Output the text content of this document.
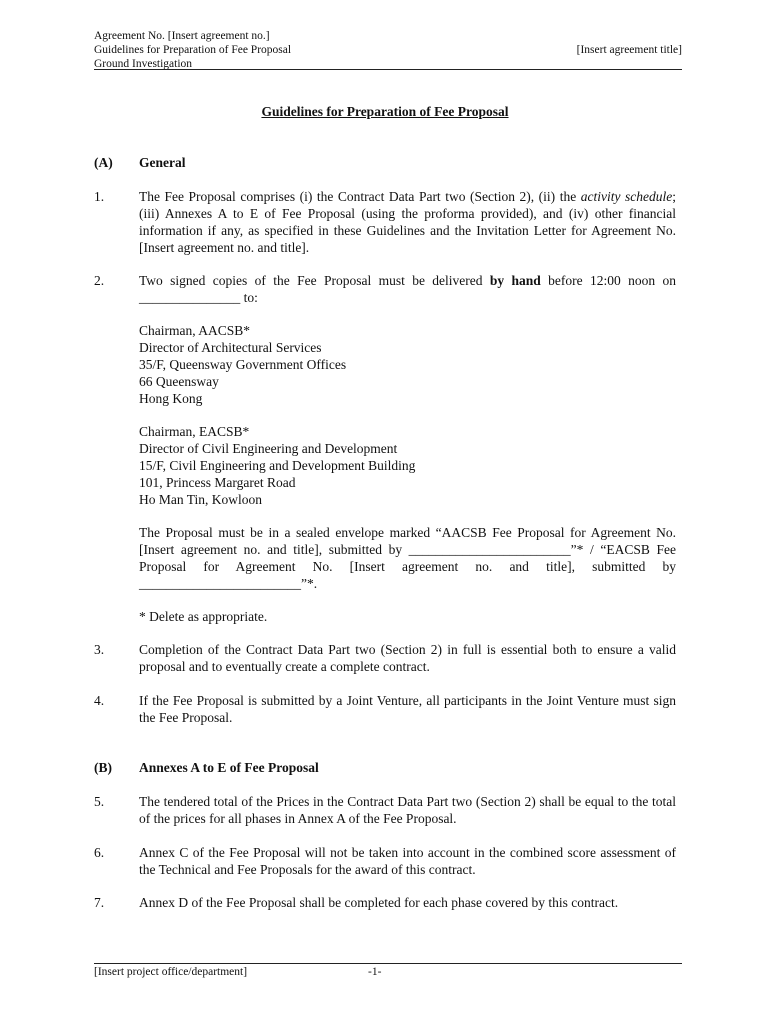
Agreement No. [Insert agreement no.]
Guidelines for Preparation of Fee Proposal
Ground Investigation
[Insert agreement title]
Guidelines for Preparation of Fee Proposal
(A) General
1.	The Fee Proposal comprises (i) the Contract Data Part two (Section 2), (ii) the activity schedule; (iii) Annexes A to E of Fee Proposal (using the proforma provided), and (iv) other financial information if any, as specified in these Guidelines and the Invitation Letter for Agreement No. [Insert agreement no. and title].
2.	Two signed copies of the Fee Proposal must be delivered by hand before 12:00 noon on _______________ to:
Chairman, AACSB*
Director of Architectural Services
35/F, Queensway Government Offices
66 Queensway
Hong Kong
Chairman, EACSB*
Director of Civil Engineering and Development
15/F, Civil Engineering and Development Building
101, Princess Margaret Road
Ho Man Tin, Kowloon
The Proposal must be in a sealed envelope marked “AACSB Fee Proposal for Agreement No. [Insert agreement no. and title], submitted by ________________________”* / “EACSB Fee Proposal for Agreement No. [Insert agreement no. and title], submitted by ________________________”*.
* Delete as appropriate.
3.	Completion of the Contract Data Part two (Section 2) in full is essential both to ensure a valid proposal and to eventually create a complete contract.
4.	If the Fee Proposal is submitted by a Joint Venture, all participants in the Joint Venture must sign the Fee Proposal.
(B) Annexes A to E of Fee Proposal
5.	The tendered total of the Prices in the Contract Data Part two (Section 2) shall be equal to the total of the prices for all phases in Annex A of the Fee Proposal.
6.	Annex C of the Fee Proposal will not be taken into account in the combined score assessment of the Technical and Fee Proposals for the award of this contract.
7.	Annex D of the Fee Proposal shall be completed for each phase covered by this contract.
[Insert project office/department]	-1-
